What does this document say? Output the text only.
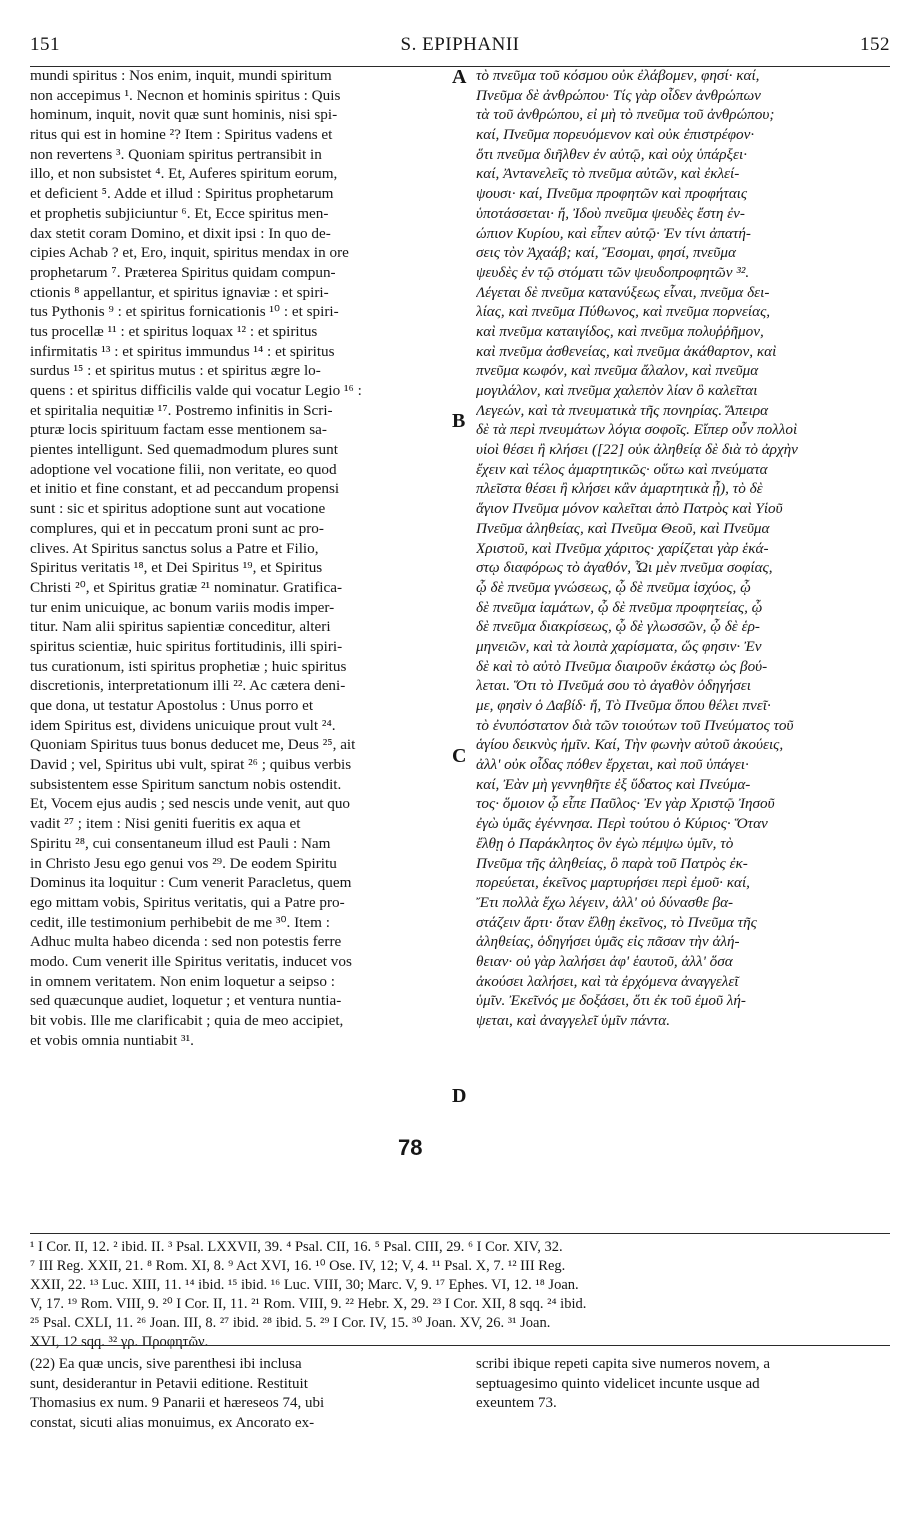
151	S. EPIPHANII	152
mundi spiritus : Nos enim, inquit, mundi spiritum
non accepimus ¹. Necnon et hominis spiritus : Quis
hominum, inquit, novit quæ sunt hominis, nisi spi-
ritus qui est in homine ²? Item : Spiritus vadens et
non revertens ³. Quoniam spiritus pertransibit in
illo, et non subsistet ⁴. Et, Auferes spiritum eorum,
et deficient ⁵. Adde et illud : Spiritus prophetarum
et prophetis subjiciuntur ⁶. Et, Ecce spiritus men-
dax stetit coram Domino, et dixit ipsi : In quo de-
cipies Achab ? et, Ero, inquit, spiritus mendax in ore
prophetarum ⁷. Præterea Spiritus quidam compun-
ctionis ⁸ appellantur, et spiritus ignaviæ : et spiri-
tus Pythonis ⁹ : et spiritus fornicationis ¹⁰ : et spiri-
tus procellæ ¹¹ : et spiritus loquax ¹² : et spiritus
infirmitatis ¹³ : et spiritus immundus ¹⁴ : et spiritus
surdus ¹⁵ : et spiritus mutus : et spiritus ægre lo-
quens : et spiritus difficilis valde qui vocatur Legio ¹⁶ :
et spiritalia nequitiæ ¹⁷. Postremo infinitis in Scri-
pturæ locis spirituum factam esse mentionem sa-
pientes intelligunt. Sed quemadmodum plures sunt
adoptione vel vocatione filii, non veritate, eo quod
et initio et fine constant, et ad peccandum propensi
sunt : sic et spiritus adoptione sunt aut vocatione
complures, qui et in peccatum proni sunt ac pro-
clives. At Spiritus sanctus solus a Patre et Filio,
Spiritus veritatis ¹⁸, et Dei Spiritus ¹⁹, et Spiritus
Christi ²⁰, et Spiritus gratiæ ²¹ nominatur. Gratifica-
tur enim unicuique, ac bonum variis modis imper-
titur. Nam alii spiritus sapientiæ conceditur, alteri
spiritus scientiæ, huic spiritus fortitudinis, illi spiri-
tus curationum, isti spiritus prophetiæ ; huic spiritus
discretionis, interpretationum illi ²². Ac cætera deni-
que dona, ut testatur Apostolus : Unus porro et
idem Spiritus est, dividens unicuique prout vult ²⁴.
Quoniam Spiritus tuus bonus deducet me, Deus ²⁵, ait
David ; vel, Spiritus ubi vult, spirat ²⁶ ; quibus verbis
subsistentem esse Spiritum sanctum nobis ostendit.
Et, Vocem ejus audis ; sed nescis unde venit, aut quo
vadit ²⁷ ; item : Nisi geniti fueritis ex aqua et
Spiritu ²⁸, cui consentaneum illud est Pauli : Nam
in Christo Jesu ego genui vos ²⁹. De eodem Spiritu
Dominus ita loquitur : Cum venerit Paracletus, quem
ego mittam vobis, Spiritus veritatis, qui a Patre pro-
cedit, ille testimonium perhibebit de me ³⁰. Item :
Adhuc multa habeo dicenda : sed non potestis ferre
modo. Cum venerit ille Spiritus veritatis, inducet vos
in omnem veritatem. Non enim loquetur a seipso :
sed quæcunque audiet, loquetur ; et ventura nuntia-
bit vobis. Ille me clarificabit ; quia de meo accipiet,
et vobis omnia nuntiabit ³¹.
τὸ πνεῦμα τοῦ κόσμου οὐκ ἐλάβομεν, φησί· καί,
Πνεῦμα δὲ ἀνθρώπου· Τίς γὰρ οἶδεν ἀνθρώπων
τὰ τοῦ ἀνθρώπου, εἰ μὴ τὸ πνεῦμα τοῦ ἀνθρώπου;
καί, Πνεῦμα πορευόμενον καὶ οὐκ ἐπιστρέφον·
ὅτι πνεῦμα διῆλθεν ἐν αὐτῷ, καὶ οὐχ ὑπάρξει·
καί, Ἀντανελεῖς τὸ πνεῦμα αὐτῶν, καὶ ἐκλεί-
ψουσι· καί, Πνεῦμα προφητῶν καὶ προφήταις
ὑποτάσσεται· ἤ, Ἰδοὺ πνεῦμα ψευδὲς ἔστη ἐν-
ώπιον Κυρίου, καὶ εἶπεν αὐτῷ· Ἐν τίνι ἀπατή-
σεις τὸν Ἀχαάβ; καί, Ἔσομαι, φησί, πνεῦμα
ψευδὲς ἐν τῷ στόματι τῶν ψευδοπροφητῶν ³².
Λέγεται δὲ πνεῦμα κατανύξεως εἶναι, πνεῦμα δει-
λίας, καὶ πνεῦμα Πύθωνος, καὶ πνεῦμα πορνείας,
καὶ πνεῦμα καταιγίδος, καὶ πνεῦμα πολυῤῥῆμον,
καὶ πνεῦμα ἀσθενείας, καὶ πνεῦμα ἀκάθαρτον, καὶ
πνεῦμα κωφόν, καὶ πνεῦμα ἄλαλον, καὶ πνεῦμα
μογιλάλον, καὶ πνεῦμα χαλεπὸν λίαν ὃ καλεῖται
Λεγεών, καὶ τὰ πνευματικὰ τῆς πονηρίας. Ἄπειρα
δὲ τὰ περὶ πνευμάτων λόγια σοφοῖς. Εἴπερ οὖν πολλοὶ
υἱοὶ θέσει ἢ κλήσει ([22] οὐκ ἀληθείᾳ δὲ διὰ τὸ ἀρχὴν
ἔχειν καὶ τέλος ἁμαρτητικῶς· οὕτω καὶ πνεύματα
πλεῖστα θέσει ἢ κλήσει κἂν ἁμαρτητικὰ ᾖ), τὸ δὲ
ἅγιον Πνεῦμα μόνον καλεῖται ἀπὸ Πατρὸς καὶ Υἱοῦ
Πνεῦμα ἀληθείας, καὶ Πνεῦμα Θεοῦ, καὶ Πνεῦμα
Χριστοῦ, καὶ Πνεῦμα χάριτος· χαρίζεται γὰρ ἑκά-
στῳ διαφόρως τὸ ἀγαθόν, Ὧι μὲν πνεῦμα σοφίας,
ᾧ δὲ πνεῦμα γνώσεως, ᾧ δὲ πνεῦμα ἰσχύος, ᾧ
δὲ πνεῦμα ἰαμάτων, ᾧ δὲ πνεῦμα προφητείας, ᾧ
δὲ πνεῦμα διακρίσεως, ᾧ δὲ γλωσσῶν, ᾧ δὲ ἑρ-
μηνειῶν, καὶ τὰ λοιπὰ χαρίσματα, ὥς φησιν· Ἐν
δὲ καὶ τὸ αὐτὸ Πνεῦμα διαιροῦν ἑκάστῳ ὡς βού-
λεται. Ὅτι τὸ Πνεῦμά σου τὸ ἀγαθὸν ὁδηγήσει
με, φησὶν ὁ Δαβίδ· ἤ, Τὸ Πνεῦμα ὅπου θέλει πνεῖ·
τὸ ἐνυπόστατον διὰ τῶν τοιούτων τοῦ Πνεύματος τοῦ
ἁγίου δεικνὺς ἡμῖν. Καί, Τὴν φωνὴν αὐτοῦ ἀκούεις,
ἀλλ' οὐκ οἶδας πόθεν ἔρχεται, καὶ ποῦ ὑπάγει·
καί, Ἐὰν μὴ γεννηθῆτε ἐξ ὕδατος καὶ Πνεύμα-
τος· ὅμοιον ᾧ εἶπε Παῦλος· Ἐν γὰρ Χριστῷ Ἰησοῦ
ἐγὼ ὑμᾶς ἐγέννησα. Περὶ τούτου ὁ Κύριος· Ὅταν
ἔλθῃ ὁ Παράκλητος ὃν ἐγὼ πέμψω ὑμῖν, τὸ
Πνεῦμα τῆς ἀληθείας, ὃ παρὰ τοῦ Πατρὸς ἐκ-
πορεύεται, ἐκεῖνος μαρτυρήσει περὶ ἐμοῦ· καί,
Ἔτι πολλὰ ἔχω λέγειν, ἀλλ' οὐ δύνασθε βα-
στάζειν ἄρτι· ὅταν ἔλθῃ ἐκεῖνος, τὸ Πνεῦμα τῆς
ἀληθείας, ὁδηγήσει ὑμᾶς εἰς πᾶσαν τὴν ἀλή-
θειαν· οὐ γὰρ λαλήσει ἀφ' ἑαυτοῦ, ἀλλ' ὅσα
ἀκούσει λαλήσει, καὶ τὰ ἐρχόμενα ἀναγγελεῖ
ὑμῖν. Ἐκεῖνός με δοξάσει, ὅτι ἐκ τοῦ ἐμοῦ λή-
ψεται, καὶ ἀναγγελεῖ ὑμῖν πάντα.
A
B
C
D
78
¹ I Cor. II, 12. ² ibid. II. ³ Psal. LXXVII, 39. ⁴ Psal. CII, 16. ⁵ Psal. CIII, 29. ⁶ I Cor. XIV, 32.
⁷ III Reg. XXII, 21. ⁸ Rom. XI, 8. ⁹ Act XVI, 16. ¹⁰ Ose. IV, 12; V, 4. ¹¹ Psal. X, 7. ¹² III Reg.
XXII, 22. ¹³ Luc. XIII, 11. ¹⁴ ibid. ¹⁵ ibid. ¹⁶ Luc. VIII, 30; Marc. V, 9. ¹⁷ Ephes. VI, 12. ¹⁸ Joan.
V, 17. ¹⁹ Rom. VIII, 9. ²⁰ I Cor. II, 11. ²¹ Rom. VIII, 9. ²² Hebr. X, 29. ²³ I Cor. XII, 8 sqq. ²⁴ ibid.
²⁵ Psal. CXLI, 11. ²⁶ Joan. III, 8. ²⁷ ibid. ²⁸ ibid. 5. ²⁹ I Cor. IV, 15. ³⁰ Joan. XV, 26. ³¹ Joan.
XVI, 12 sqq. ³² γρ. Προφητῶν.
(22) Ea quæ uncis, sive parenthesi ibi inclusa
sunt, desiderantur in Petavii editione. Restituit
Thomasius ex num. 9 Panarii et hæreseos 74, ubi
constat, sicuti alias monuimus, ex Ancorato ex-
scribi ibique repeti capita sive numeros novem, a
septuagesimo quinto videlicet incunte usque ad
exeuntem 73.
